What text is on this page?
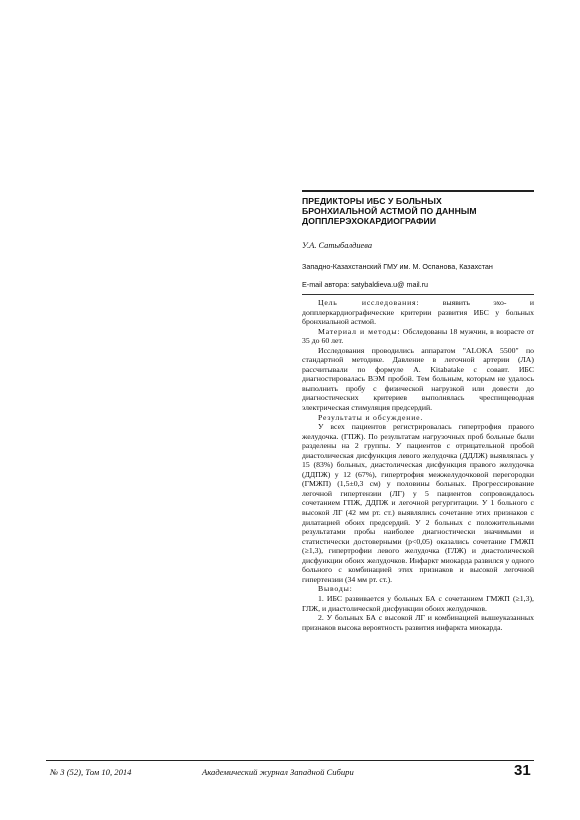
ПРЕДИКТОРЫ ИБС У БОЛЬНЫХ
БРОНХИАЛЬНОЙ АСТМОЙ ПО ДАННЫМ
ДОППЛЕРЭХОКАРДИОГРАФИИ
У.А. Сатыбалдиева
Западно-Казахстанский ГМУ им. М. Оспанова, Казахстан
E-mail автора: satybaldieva.u@ mail.ru

Цель исследования: выявить эхо- и допплеркардиографические критерии развития ИБС у больных бронхиальной астмой.

Материал и методы: Обследованы 18 мужчин, в возрасте от 35 до 60 лет.

Исследования проводились аппаратом "ALOKA 5500" по стандартной методике. Давление в легочной артерии (ЛА) рассчитывали по формуле A. Kitabatake с совавт. ИБС диагностировалась ВЭМ пробой. Тем больным, которым не удалось выполнить пробу с физической нагрузкой или довести до диагностических критериев выполнялась чреспищеводная электрическая стимуляция предсердий.

Результаты и обсуждение.

У всех пациентов регистрировалась гипертрофия правого желудочка. (ГПЖ). По результатам нагрузочных проб больные были разделены на 2 группы. У пациентов с отрицательной пробой диастолическая дисфункция левого желудочка (ДДЛЖ) выявлялась у 15 (83%) больных, диастолическая дисфункция правого желудочка (ДДПЖ) у 12 (67%), гипертрофия межжелудочковой перегородки (ГМЖП) (1,5±0,3 см) у половины больных. Прогрессирование легочной гипертензии (ЛГ) у 5 пациентов сопровождалось сочетанием ГПЖ, ДДПЖ и легочной регургитации. У 1 больного с высокой ЛГ (42 мм рт. ст.) выявлялись сочетание этих признаков с дилатацией обоих предсердий. У 2 больных с положительными результатами пробы наиболее диагностически значимыми и статистически достоверными (р<0,05) оказались сочетание ГМЖП (≥1,3), гипертрофии левого желудочка (ГЛЖ) и диастолической дисфункции обоих желудочков. Инфаркт миокарда развился у одного больного с комбинацией этих признаков и высокой легочной гипертензии (34 мм рт. ст.).

Выводы:

1. ИБС развивается у больных БА с сочетанием ГМЖП (≥1,3), ГЛЖ, и диастолической дисфункции обоих желудочков.

2. У больных БА с высокой ЛГ и комбинацией вышеуказанных признаков высока вероятность развития инфаркта миокарда.

№ 3 (52), Том 10, 2014	Академический журнал Западной Сибири	31
